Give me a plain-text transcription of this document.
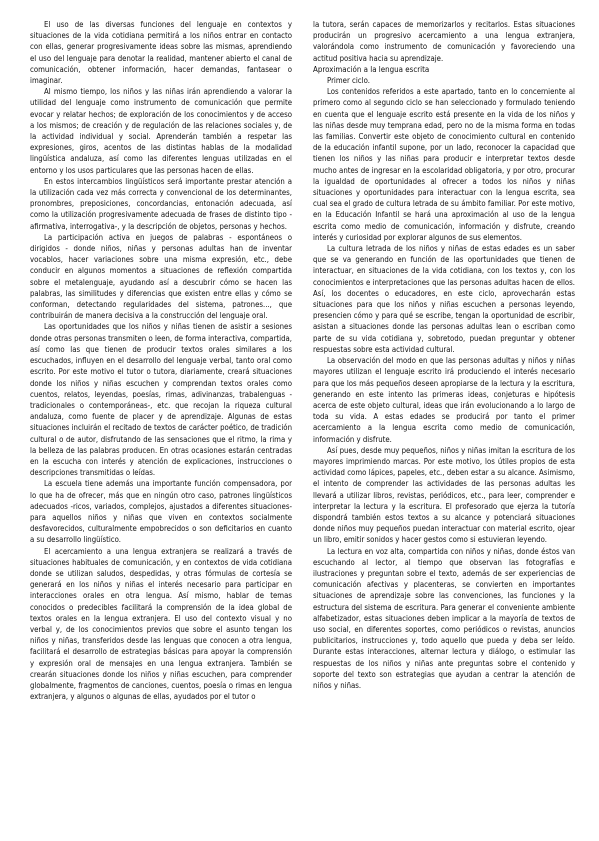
El uso de las diversas funciones del lenguaje en contextos y situaciones de la vida cotidiana permitirá a los niños entrar en contacto con ellas, generar progresivamente ideas sobre las mismas, aprendiendo el uso del lenguaje para denotar la realidad, mantener abierto el canal de comunicación, obtener información, hacer demandas, fantasear o imaginar.

Al mismo tiempo, los niños y las niñas irán aprendiendo a valorar la utilidad del lenguaje como instrumento de comunicación que permite evocar y relatar hechos; de exploración de los conocimientos y de acceso a los mismos; de creación y de regulación de las relaciones sociales y, de la actividad individual y social. Aprenderán también a respetar las expresiones, giros, acentos de las distintas hablas de la modalidad lingüística andaluza, así como las diferentes lenguas utilizadas en el entorno y los usos particulares que las personas hacen de ellas.

En estos intercambios lingüísticos será importante prestar atención a la utilización cada vez más correcta y convencional de los determinantes, pronombres, preposiciones, concordancias, entonación adecuada, así como la utilización progresivamente adecuada de frases de distinto tipo -afirmativa, interrogativa-, y la descripción de objetos, personas y hechos.

La participación activa en juegos de palabras - espontáneos o dirigidos - donde niños, niñas y personas adultas han de inventar vocablos, hacer variaciones sobre una misma expresión, etc., debe conducir en algunos momentos a situaciones de reflexión compartida sobre el metalenguaje, ayudando así a descubrir cómo se hacen las palabras, las similitudes y diferencias que existen entre ellas y cómo se conforman, detectando regularidades del sistema, patrones..., que contribuirán de manera decisiva a la construcción del lenguaje oral.

Las oportunidades que los niños y niñas tienen de asistir a sesiones donde otras personas transmiten o leen, de forma interactiva, compartida, así como las que tienen de producir textos orales similares a los escuchados, influyen en el desarrollo del lenguaje verbal, tanto oral como escrito. Por este motivo el tutor o tutora, diariamente, creará situaciones donde los niños y niñas escuchen y comprendan textos orales como cuentos, relatos, leyendas, poesías, rimas, adivinanzas, trabalenguas -tradicionales o contemporáneas-, etc. que recojan la riqueza cultural andaluza, como fuente de placer y de aprendizaje. Algunas de estas situaciones incluirán el recitado de textos de carácter poético, de tradición cultural o de autor, disfrutando de las sensaciones que el ritmo, la rima y la belleza de las palabras producen. En otras ocasiones estarán centradas en la escucha con interés y atención de explicaciones, instrucciones o descripciones transmitidas o leídas.

La escuela tiene además una importante función compensadora, por lo que ha de ofrecer, más que en ningún otro caso, patrones lingüísticos adecuados -ricos, variados, complejos, ajustados a diferentes situaciones- para aquellos niños y niñas que viven en contextos socialmente desfavorecidos, culturalmente empobrecidos o son deficitarios en cuanto a su desarrollo lingüístico.

El acercamiento a una lengua extranjera se realizará a través de situaciones habituales de comunicación, y en contextos de vida cotidiana donde se utilizan saludos, despedidas, y otras fórmulas de cortesía se generará en los niños y niñas el interés necesario para participar en interacciones orales en otra lengua. Así mismo, hablar de temas conocidos o predecibles facilitará la comprensión de la idea global de textos orales en la lengua extranjera. El uso del contexto visual y no verbal y, de los conocimientos previos que sobre el asunto tengan los niños y niñas, transferidos desde las lenguas que conocen a otra lengua, facilitará el desarrollo de estrategias básicas para apoyar la comprensión y expresión oral de mensajes en una lengua extranjera. También se crearán situaciones donde los niños y niñas escuchen, para comprender globalmente, fragmentos de canciones, cuentos, poesía o rimas en lengua extranjera, y algunos o algunas de ellas, ayudados por el tutor o

la tutora, serán capaces de memorizarlos y recitarlos. Estas situaciones producirán un progresivo acercamiento a una lengua extranjera, valorándola como instrumento de comunicación y favoreciendo una actitud positiva hacia su aprendizaje.

Aproximación a la lengua escrita

Primer ciclo.

Los contenidos referidos a este apartado, tanto en lo concerniente al primero como al segundo ciclo se han seleccionado y formulado teniendo en cuenta que el lenguaje escrito está presente en la vida de los niños y las niñas desde muy temprana edad, pero no de la misma forma en todas las familias. Convertir este objeto de conocimiento cultural en contenido de la educación infantil supone, por un lado, reconocer la capacidad que tienen los niños y las niñas para producir e interpretar textos desde mucho antes de ingresar en la escolaridad obligatoria, y por otro, procurar la igualdad de oportunidades al ofrecer a todos los niños y niñas situaciones y oportunidades para interactuar con la lengua escrita, sea cual sea el grado de cultura letrada de su ámbito familiar. Por este motivo, en la Educación Infantil se hará una aproximación al uso de la lengua escrita como medio de comunicación, información y disfrute, creando interés y curiosidad por explorar algunos de sus elementos.

La cultura letrada de los niños y niñas de estas edades es un saber que se va generando en función de las oportunidades que tienen de interactuar, en situaciones de la vida cotidiana, con los textos y, con los conocimientos e interpretaciones que las personas adultas hacen de ellos. Así, los docentes o educadores, en este ciclo, aprovecharán estas situaciones para que los niños y niñas escuchen a personas leyendo, presencien cómo y para qué se escribe, tengan la oportunidad de escribir, asistan a situaciones donde las personas adultas lean o escriban como parte de su vida cotidiana y, sobretodo, puedan preguntar y obtener respuestas sobre esta actividad cultural.

La observación del modo en que las personas adultas y niños y niñas mayores utilizan el lenguaje escrito irá produciendo el interés necesario para que los más pequeños deseen apropiarse de la lectura y la escritura, generando en este intento las primeras ideas, conjeturas e hipótesis acerca de este objeto cultural, ideas que irán evolucionando a lo largo de toda su vida. A estas edades se producirá por tanto el primer acercamiento a la lengua escrita como medio de comunicación, información y disfrute.

Así pues, desde muy pequeños, niños y niñas imitan la escritura de los mayores imprimiendo marcas. Por este motivo, los útiles propios de esta actividad como lápices, papeles, etc., deben estar a su alcance. Asimismo, el intento de comprender las actividades de las personas adultas les llevará a utilizar libros, revistas, periódicos, etc., para leer, comprender e interpretar la lectura y la escritura. El profesorado que ejerza la tutoría dispondrá también estos textos a su alcance y potenciará situaciones donde niños muy pequeños puedan interactuar con material escrito, ojear un libro, emitir sonidos y hacer gestos como si estuvieran leyendo.

La lectura en voz alta, compartida con niños y niñas, donde éstos van escuchando al lector, al tiempo que observan las fotografías e ilustraciones y preguntan sobre el texto, además de ser experiencias de comunicación afectivas y placenteras, se convierten en importantes situaciones de aprendizaje sobre las convenciones, las funciones y la estructura del sistema de escritura. Para generar el conveniente ambiente alfabetizador, estas situaciones deben implicar a la mayoría de textos de uso social, en diferentes soportes, como periódicos o revistas, anuncios publicitarios, instrucciones y, todo aquello que pueda y deba ser leído. Durante estas interacciones, alternar lectura y diálogo, o estimular las respuestas de los niños y niñas ante preguntas sobre el contenido y soporte del texto son estrategias que ayudan a centrar la atención de niños y niñas.
